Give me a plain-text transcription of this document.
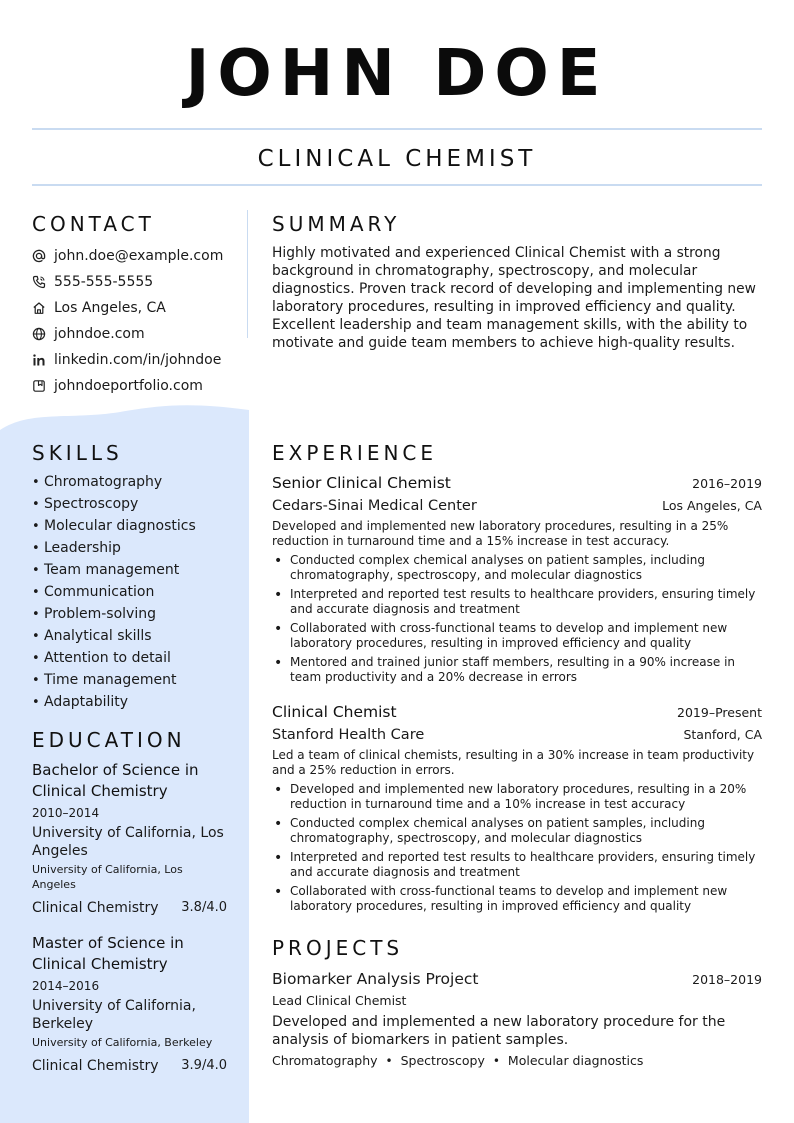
JOHN DOE
CLINICAL CHEMIST
CONTACT
john.doe@example.com
555-555-5555
Los Angeles, CA
johndoe.com
linkedin.com/in/johndoe
johndoeportfolio.com
SKILLS
• Chromatography
• Spectroscopy
• Molecular diagnostics
• Leadership
• Team management
• Communication
• Problem-solving
• Analytical skills
• Attention to detail
• Time management
• Adaptability
EDUCATION
Bachelor of Science in Clinical Chemistry
2010–2014
University of California, Los Angeles
University of California, Los Angeles
Clinical Chemistry 3.8/4.0
Master of Science in Clinical Chemistry
2014–2016
University of California, Berkeley
University of California, Berkeley
Clinical Chemistry 3.9/4.0
SUMMARY
Highly motivated and experienced Clinical Chemist with a strong background in chromatography, spectroscopy, and molecular diagnostics. Proven track record of developing and implementing new laboratory procedures, resulting in improved efficiency and quality. Excellent leadership and team management skills, with the ability to motivate and guide team members to achieve high-quality results.
EXPERIENCE
Senior Clinical Chemist	2016–2019
Cedars-Sinai Medical Center	Los Angeles, CA
Developed and implemented new laboratory procedures, resulting in a 25% reduction in turnaround time and a 15% increase in test accuracy.
• Conducted complex chemical analyses on patient samples, including chromatography, spectroscopy, and molecular diagnostics
• Interpreted and reported test results to healthcare providers, ensuring timely and accurate diagnosis and treatment
• Collaborated with cross-functional teams to develop and implement new laboratory procedures, resulting in improved efficiency and quality
• Mentored and trained junior staff members, resulting in a 90% increase in team productivity and a 20% decrease in errors
Clinical Chemist	2019–Present
Stanford Health Care	Stanford, CA
Led a team of clinical chemists, resulting in a 30% increase in team productivity and a 25% reduction in errors.
• Developed and implemented new laboratory procedures, resulting in a 20% reduction in turnaround time and a 10% increase in test accuracy
• Conducted complex chemical analyses on patient samples, including chromatography, spectroscopy, and molecular diagnostics
• Interpreted and reported test results to healthcare providers, ensuring timely and accurate diagnosis and treatment
• Collaborated with cross-functional teams to develop and implement new laboratory procedures, resulting in improved efficiency and quality
PROJECTS
Biomarker Analysis Project	2018–2019
Lead Clinical Chemist
Developed and implemented a new laboratory procedure for the analysis of biomarkers in patient samples.
Chromatography • Spectroscopy • Molecular diagnostics
